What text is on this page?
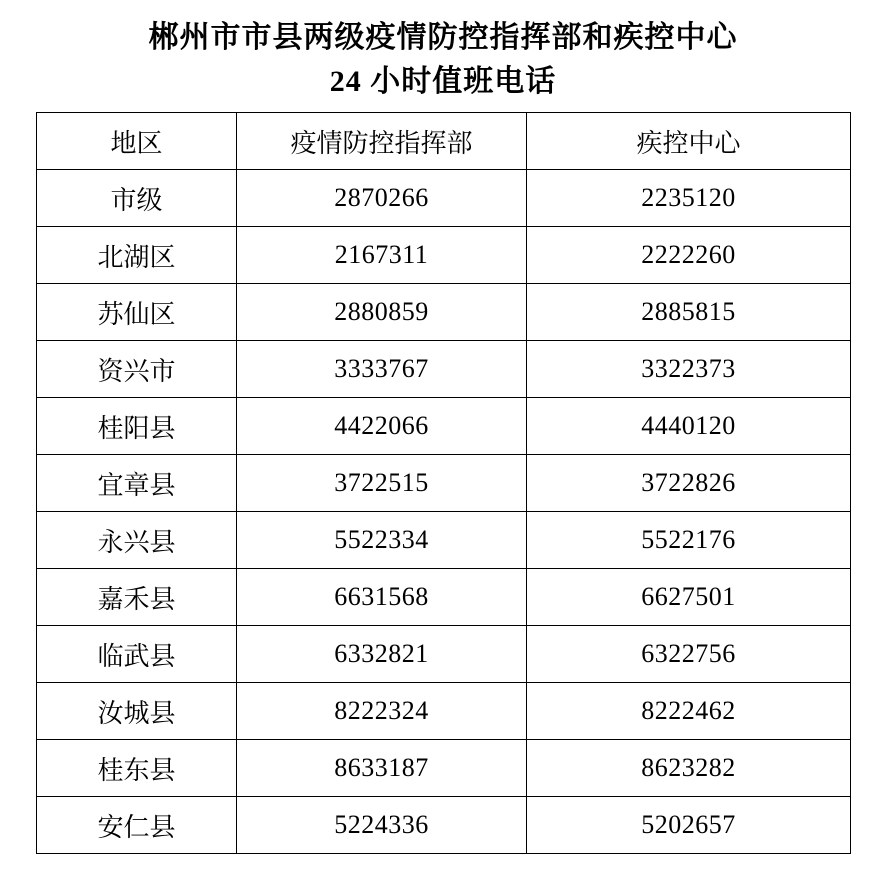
郴州市市县两级疫情防控指挥部和疾控中心
24 小时值班电话
地区	疫情防控指挥部	疾控中心
市级	2870266	2235120
北湖区	2167311	2222260
苏仙区	2880859	2885815
资兴市	3333767	3322373
桂阳县	4422066	4440120
宜章县	3722515	3722826
永兴县	5522334	5522176
嘉禾县	6631568	6627501
临武县	6332821	6322756
汝城县	8222324	8222462
桂东县	8633187	8623282
安仁县	5224336	5202657
